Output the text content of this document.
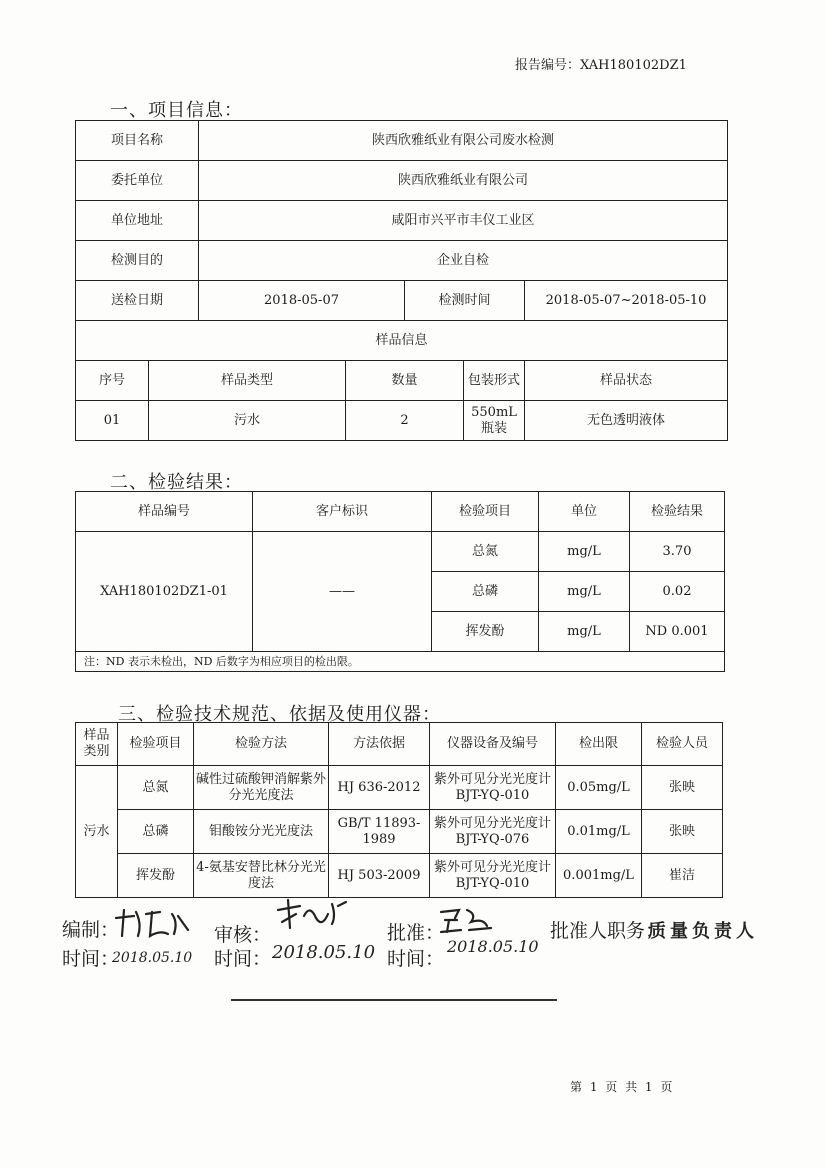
报告编号：XAH180102DZ1
一、项目信息：
项目名称		陕西欣雅纸业有限公司废水检测				
委托单位		陕西欣雅纸业有限公司				
单位地址		咸阳市兴平市丰仪工业区				
检测目的		企业自检				
送检日期		2018-05-07		检测时间		2018-05-07~2018-05-10
样品信息						
序号	样品类型		数量		包装形式	样品状态
01	污水		2		550mL 瓶装	无色透明液体
二、检验结果：
样品编号	客户标识	检验项目	单位	检验结果
XAH180102DZ1-01	——	总氮	mg/L	3.70
		总磷	mg/L	0.02
		挥发酚	mg/L	ND 0.001
注：ND 表示未检出，ND 后数字为相应项目的检出限。				
三、检验技术规范、依据及使用仪器：
样品类别	检验项目	检验方法	方法依据	仪器设备及编号	检出限	检验人员
污水	总氮	碱性过硫酸钾消解紫外分光光度法	HJ 636-2012	紫外可见分光光度计 BJT-YQ-010	0.05mg/L	张映
	总磷	钼酸铵分光光度法	GB/T 11893-1989	紫外可见分光光度计 BJT-YQ-076	0.01mg/L	张映
	挥发酚	4-氨基安替比林分光光度法	HJ 503-2009	紫外可见分光光度计 BJT-YQ-010	0.001mg/L	崔洁
编制：
时间：
2018.05.10
审核：
时间： 2018.05.10
批准：
时间：
2018.05.10
批准人职务：
质量负责人
第 1 页 共 1 页
